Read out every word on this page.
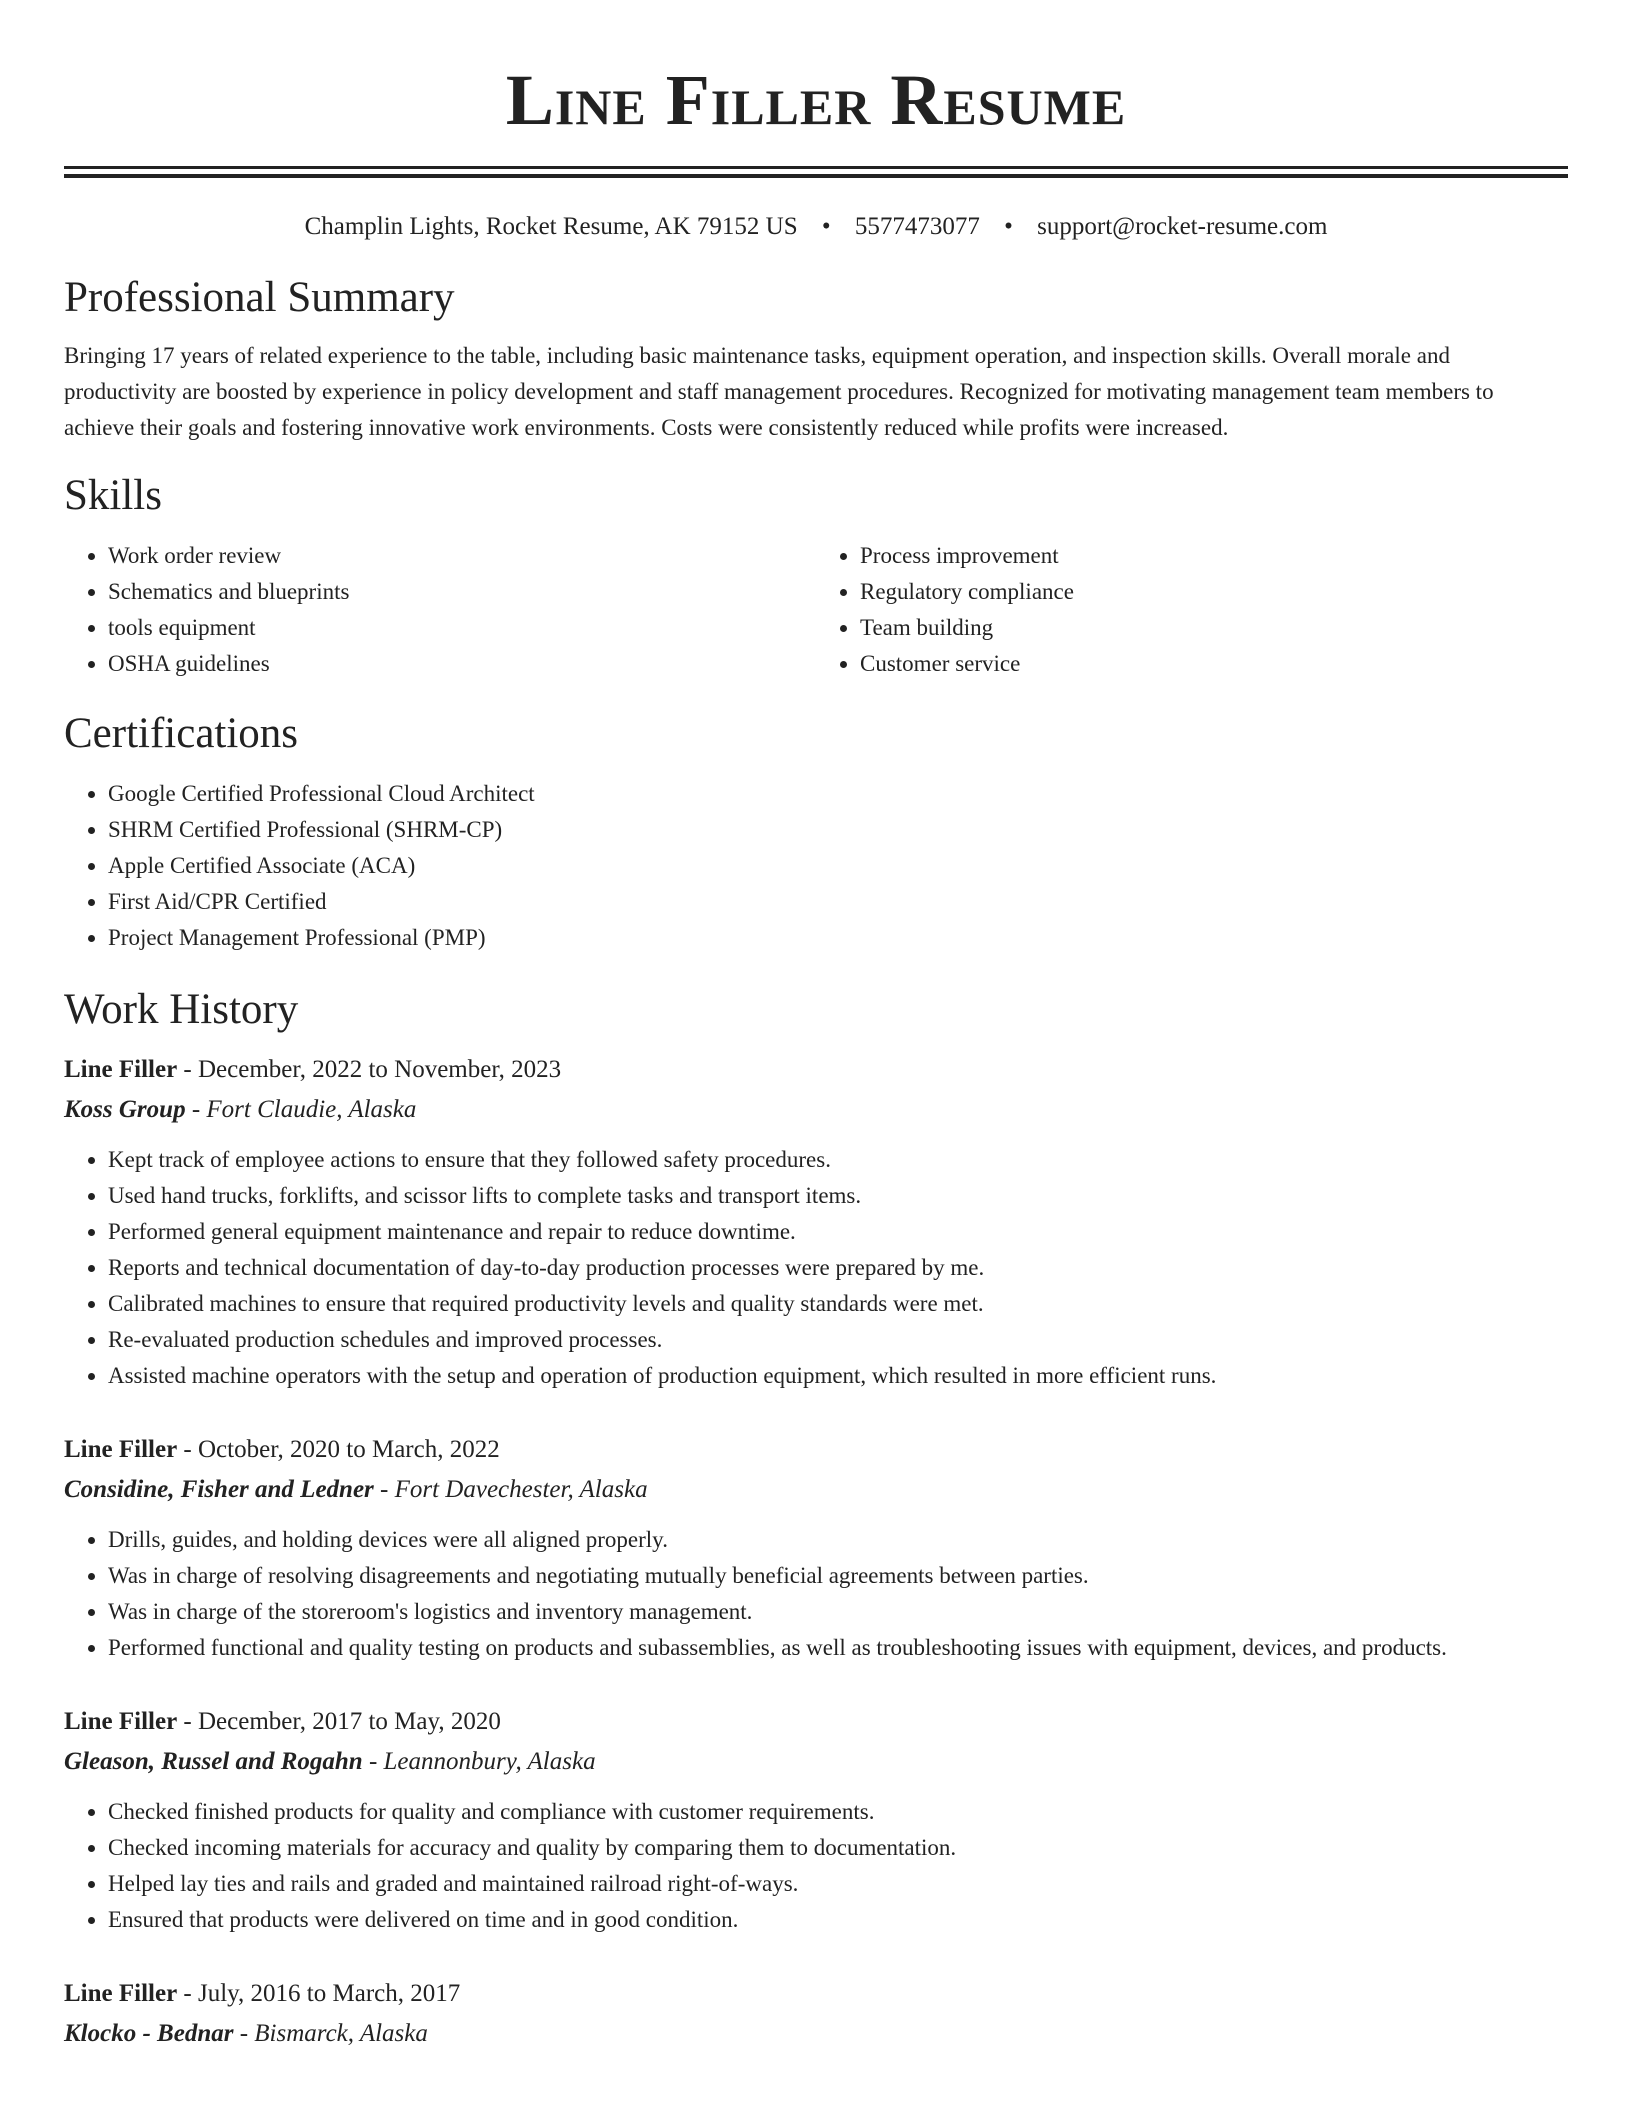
Line Filler Resume
Champlin Lights, Rocket Resume, AK 79152 US • 5577473077 • support@rocket-resume.com
Professional Summary

Bringing 17 years of related experience to the table, including basic maintenance tasks, equipment operation, and inspection skills. Overall morale and productivity are boosted by experience in policy development and staff management procedures. Recognized for motivating management team members to achieve their goals and fostering innovative work environments. Costs were consistently reduced while profits were increased.

Skills
• Work order review
• Schematics and blueprints
• tools equipment
• OSHA guidelines
• Process improvement
• Regulatory compliance
• Team building
• Customer service
Certifications
• Google Certified Professional Cloud Architect
• SHRM Certified Professional (SHRM-CP)
• Apple Certified Associate (ACA)
• First Aid/CPR Certified
• Project Management Professional (PMP)
Work History
Line Filler - December, 2022 to November, 2023
Koss Group - Fort Claudie, Alaska
• Kept track of employee actions to ensure that they followed safety procedures.
• Used hand trucks, forklifts, and scissor lifts to complete tasks and transport items.
• Performed general equipment maintenance and repair to reduce downtime.
• Reports and technical documentation of day-to-day production processes were prepared by me.
• Calibrated machines to ensure that required productivity levels and quality standards were met.
• Re-evaluated production schedules and improved processes.
• Assisted machine operators with the setup and operation of production equipment, which resulted in more efficient runs.
Line Filler - October, 2020 to March, 2022
Considine, Fisher and Ledner - Fort Davechester, Alaska
• Drills, guides, and holding devices were all aligned properly.
• Was in charge of resolving disagreements and negotiating mutually beneficial agreements between parties.
• Was in charge of the storeroom's logistics and inventory management.
• Performed functional and quality testing on products and subassemblies, as well as troubleshooting issues with equipment, devices, and products.
Line Filler - December, 2017 to May, 2020
Gleason, Russel and Rogahn - Leannonbury, Alaska
• Checked finished products for quality and compliance with customer requirements.
• Checked incoming materials for accuracy and quality by comparing them to documentation.
• Helped lay ties and rails and graded and maintained railroad right-of-ways.
• Ensured that products were delivered on time and in good condition.
Line Filler - July, 2016 to March, 2017
Klocko - Bednar - Bismarck, Alaska
